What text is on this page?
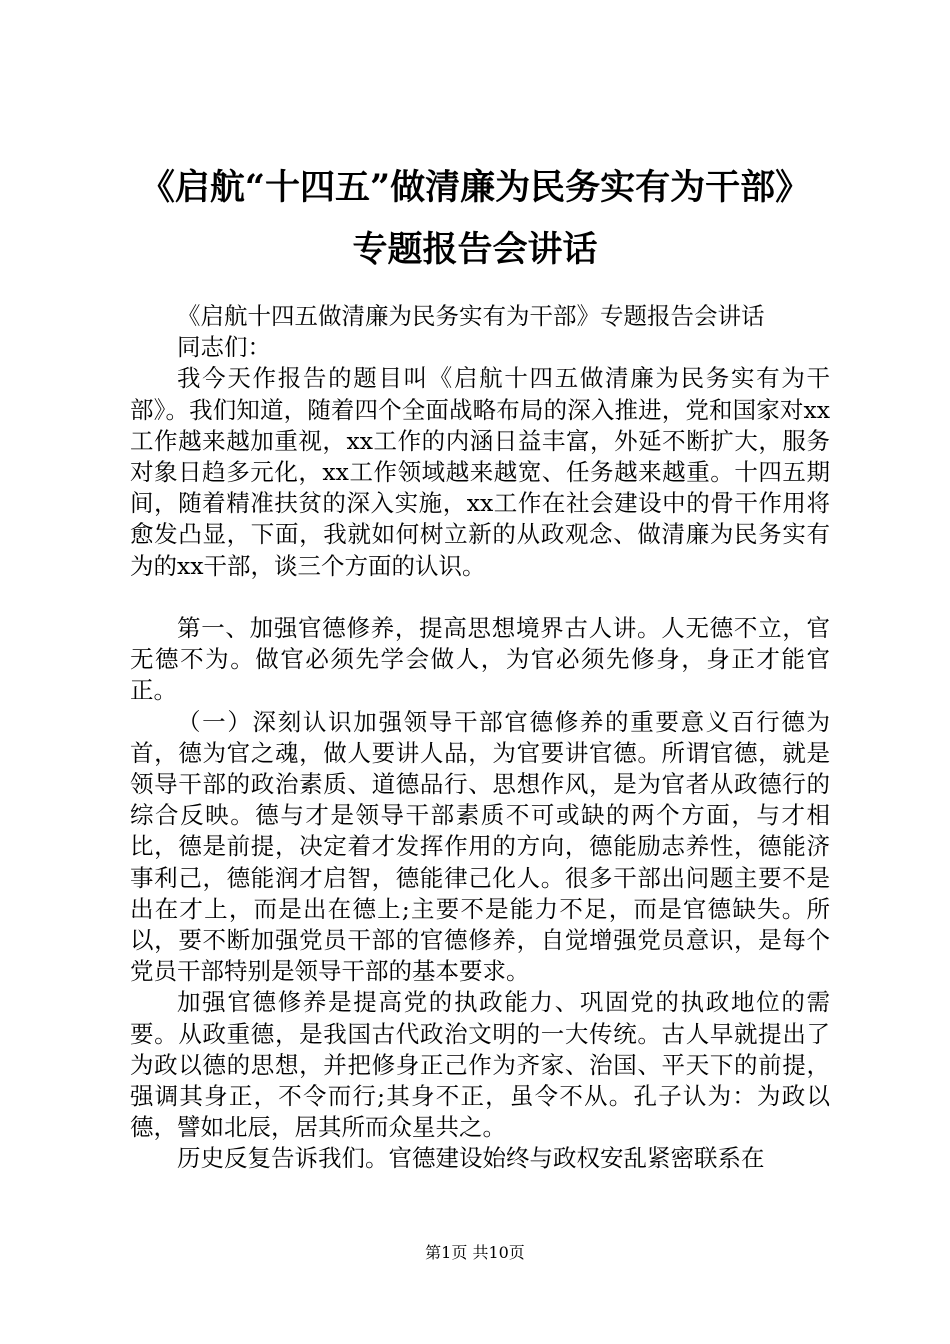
《启航“十四五”做清廉为民务实有为干部》
专题报告会讲话

《启航十四五做清廉为民务实有为干部》专题报告会讲话

同志们：

我今天作报告的题目叫《启航十四五做清廉为民务实有为干部》。我们知道，随着四个全面战略布局的深入推进，党和国家对xx工作越来越加重视，xx工作的内涵日益丰富，外延不断扩大，服务对象日趋多元化，xx工作领域越来越宽、任务越来越重。十四五期间，随着精准扶贫的深入实施，xx工作在社会建设中的骨干作用将愈发凸显，下面，我就如何树立新的从政观念、做清廉为民务实有为的xx干部，谈三个方面的认识。

第一、加强官德修养，提高思想境界古人讲。人无德不立，官无德不为。做官必须先学会做人，为官必须先修身，身正才能官正。

（一）深刻认识加强领导干部官德修养的重要意义百行德为首，德为官之魂，做人要讲人品，为官要讲官德。所谓官德，就是领导干部的政治素质、道德品行、思想作风，是为官者从政德行的综合反映。德与才是领导干部素质不可或缺的两个方面，与才相比，德是前提，决定着才发挥作用的方向，德能励志养性，德能济事利己，德能润才启智，德能律己化人。很多干部出问题主要不是出在才上，而是出在德上;主要不是能力不足，而是官德缺失。所以，要不断加强党员干部的官德修养，自觉增强党员意识，是每个党员干部特别是领导干部的基本要求。

加强官德修养是提高党的执政能力、巩固党的执政地位的需要。从政重德，是我国古代政治文明的一大传统。古人早就提出了为政以德的思想，并把修身正己作为齐家、治国、平天下的前提，强调其身正，不令而行;其身不正，虽令不从。孔子认为：为政以德，譬如北辰，居其所而众星共之。

历史反复告诉我们。官德建设始终与政权安乱紧密联系在

第1页 共10页
